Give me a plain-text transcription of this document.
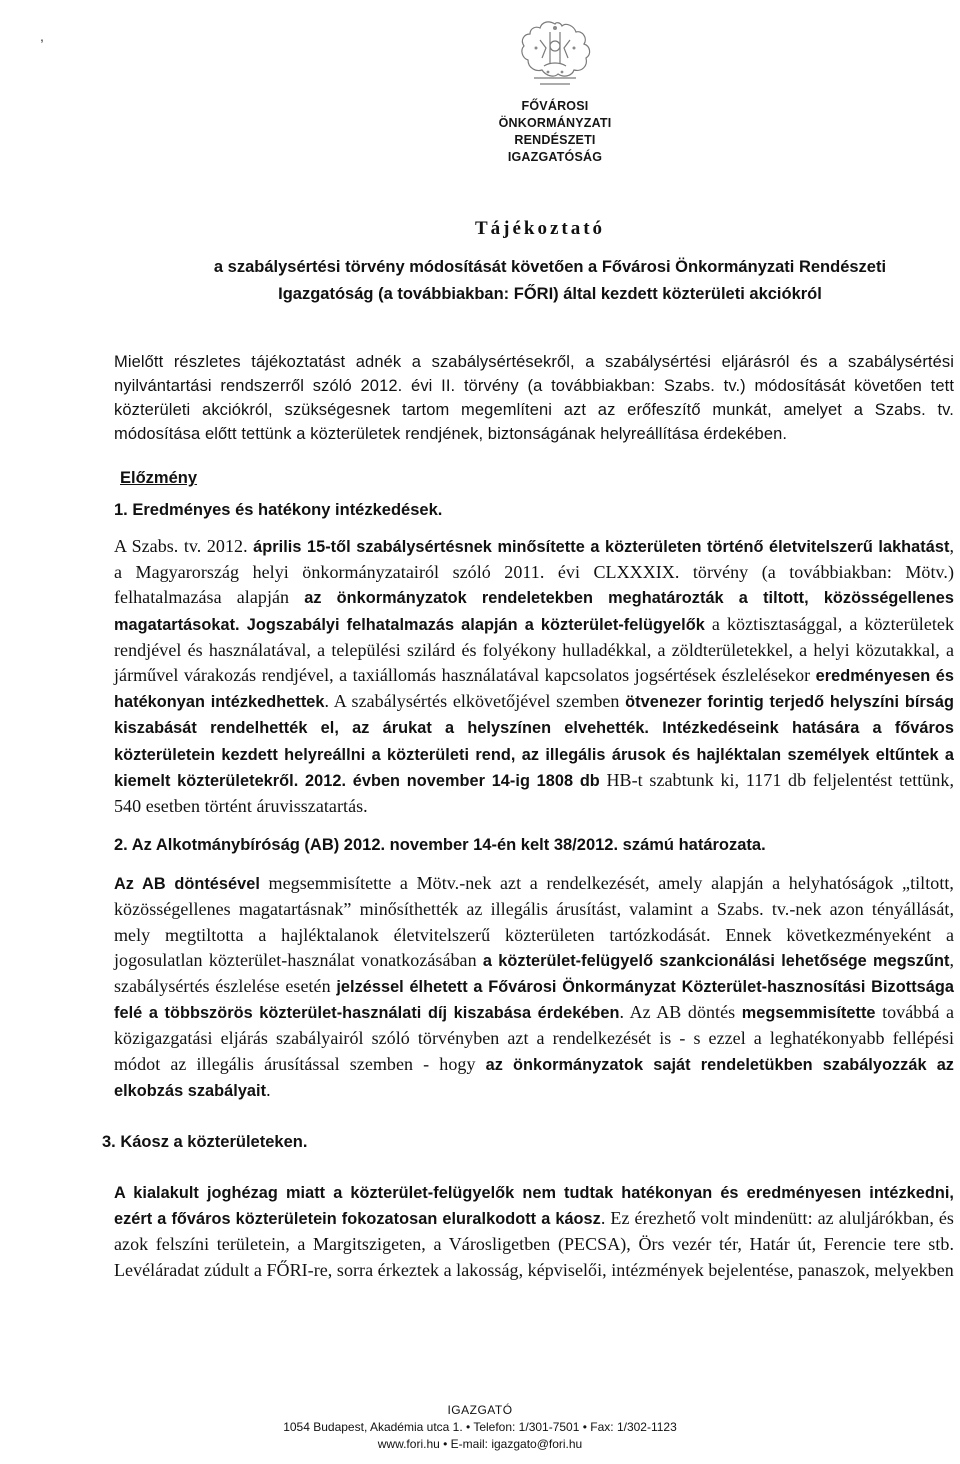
,
FŐVÁROSI
ÖNKORMÁNYZATI
RENDÉSZETI
IGAZGATÓSÁG
Tájékoztató
a szabálysértési törvény módosítását követően a Fővárosi Önkormányzati Rendészeti
Igazgatóság (a továbbiakban: FŐRI) által kezdett közterületi akciókról

Mielőtt részletes tájékoztatást adnék a szabálysértésekről, a szabálysértési eljárásról és a szabálysértési nyilvántartási rendszerről szóló 2012. évi II. törvény (a továbbiakban: Szabs. tv.) módosítását követően tett közterületi akciókról, szükségesnek tartom megemlíteni azt az erőfeszítő munkát, amelyet a Szabs. tv. módosítása előtt tettünk a közterületek rendjének, biztonságának helyreállítása érdekében.

Előzmény

1. Eredményes és hatékony intézkedések.

A Szabs. tv. 2012. április 15-től szabálysértésnek minősítette a közterületen történő életvitelszerű lakhatást, a Magyarország helyi önkormányzatairól szóló 2011. évi CLXXXIX. törvény (a továbbiakban: Mötv.) felhatalmazása alapján az önkormányzatok rendeletekben meghatározták a tiltott, közösségellenes magatartásokat. Jogszabályi felhatalmazás alapján a közterület-felügyelők a köztisztasággal, a közterületek rendjével és használatával, a települési szilárd és folyékony hulladékkal, a zöldterületekkel, a helyi közutakkal, a járművel várakozás rendjével, a taxiállomás használatával kapcsolatos jogsértések észlelésekor eredményesen és hatékonyan intézkedhettek. A szabálysértés elkövetőjével szemben ötvenezer forintig terjedő helyszíni bírság kiszabását rendelhették el, az árukat a helyszínen elvehették. Intézkedéseink hatására a főváros közterületein kezdett helyreállni a közterületi rend, az illegális árusok és hajléktalan személyek eltűntek a kiemelt közterületekről. 2012. évben november 14-ig 1808 db HB-t szabtunk ki, 1171 db feljelentést tettünk, 540 esetben történt áruvisszatartás.

2. Az Alkotmánybíróság (AB) 2012. november 14-én kelt 38/2012. számú határozata.

Az AB döntésével megsemmisítette a Mötv.-nek azt a rendelkezését, amely alapján a helyhatóságok „tiltott, közösségellenes magatartásnak” minősíthették az illegális árusítást, valamint a Szabs. tv.-nek azon tényállását, mely megtiltotta a hajléktalanok életvitelszerű közterületen tartózkodását. Ennek következményeként a jogosulatlan közterület-használat vonatkozásában a közterület-felügyelő szankcionálási lehetősége megszűnt, szabálysértés észlelése esetén jelzéssel élhetett a Fővárosi Önkormányzat Közterület-hasznosítási Bizottsága felé a többszörös közterület-használati díj kiszabása érdekében. Az AB döntés megsemmisítette továbbá a közigazgatási eljárás szabályairól szóló törvényben azt a rendelkezését is - s ezzel a leghatékonyabb fellépési módot az illegális árusítással szemben - hogy az önkormányzatok saját rendeletükben szabályozzák az elkobzás szabályait.

3. Káosz a közterületeken.

A kialakult joghézag miatt a közterület-felügyelők nem tudtak hatékonyan és eredményesen intézkedni, ezért a főváros közterületein fokozatosan eluralkodott a káosz. Ez érezhető volt mindenütt: az aluljárókban, és azok felszíni területein, a Margitszigeten, a Városligetben (PECSA), Örs vezér tér, Határ út, Ferencie tere stb. Levéláradat zúdult a FŐRI-re, sorra érkeztek a lakosság, képviselői, intézmények bejelentése, panaszok, melyekben

IGAZGATÓ
1054 Budapest, Akadémia utca 1. • Telefon: 1/301-7501 • Fax: 1/302-1123
www.fori.hu • E-mail: igazgato@fori.hu
